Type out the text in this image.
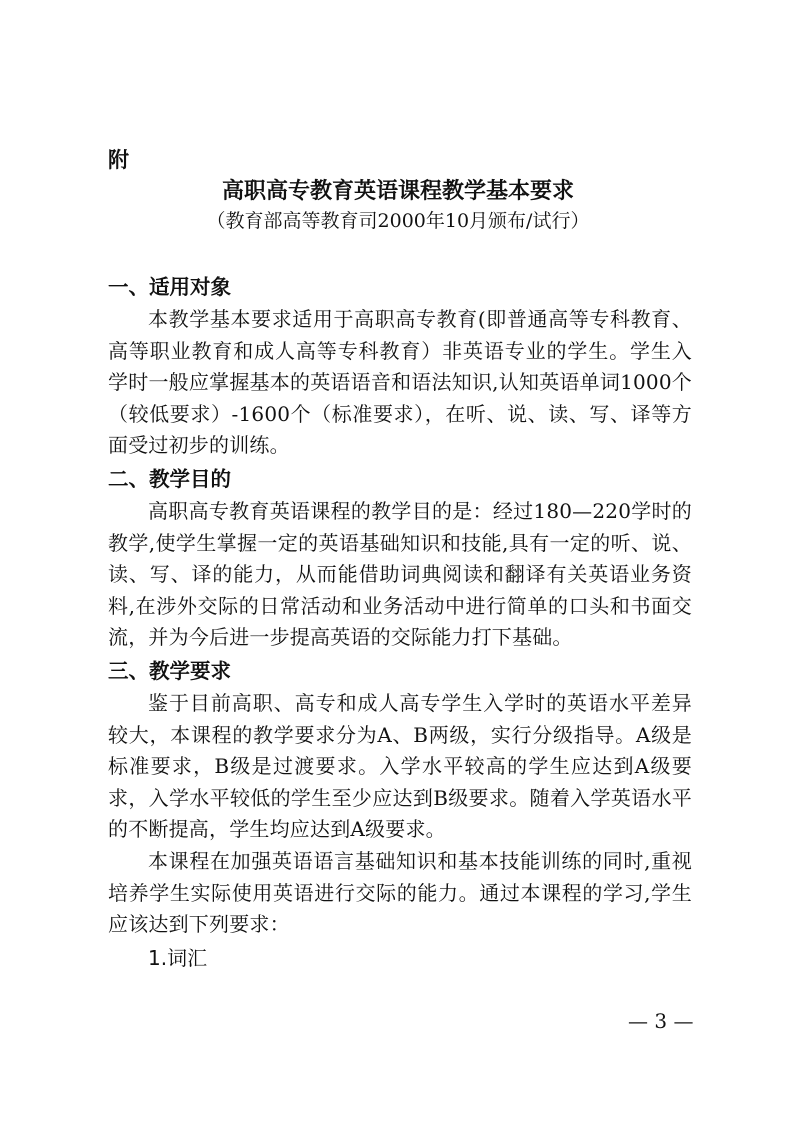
附
高职高专教育英语课程教学基本要求
（教育部高等教育司2000年10月颁布/试行）
一、适用对象

本教学基本要求适用于高职高专教育(即普通高等专科教育、高等职业教育和成人高等专科教育）非英语专业的学生。学生入学时一般应掌握基本的英语语音和语法知识,认知英语单词1000个（较低要求）-1600个（标准要求），在听、说、读、写、译等方面受过初步的训练。

二、教学目的

高职高专教育英语课程的教学目的是：经过180—220学时的教学,使学生掌握一定的英语基础知识和技能,具有一定的听、说、读、写、译的能力，从而能借助词典阅读和翻译有关英语业务资料,在涉外交际的日常活动和业务活动中进行简单的口头和书面交流，并为今后进一步提高英语的交际能力打下基础。

三、教学要求

鉴于目前高职、高专和成人高专学生入学时的英语水平差异较大，本课程的教学要求分为A、B两级，实行分级指导。A级是标准要求，B级是过渡要求。入学水平较高的学生应达到A级要求，入学水平较低的学生至少应达到B级要求。随着入学英语水平的不断提高，学生均应达到A级要求。

本课程在加强英语语言基础知识和基本技能训练的同时,重视培养学生实际使用英语进行交际的能力。通过本课程的学习,学生应该达到下列要求：

1.词汇
— 3 —
